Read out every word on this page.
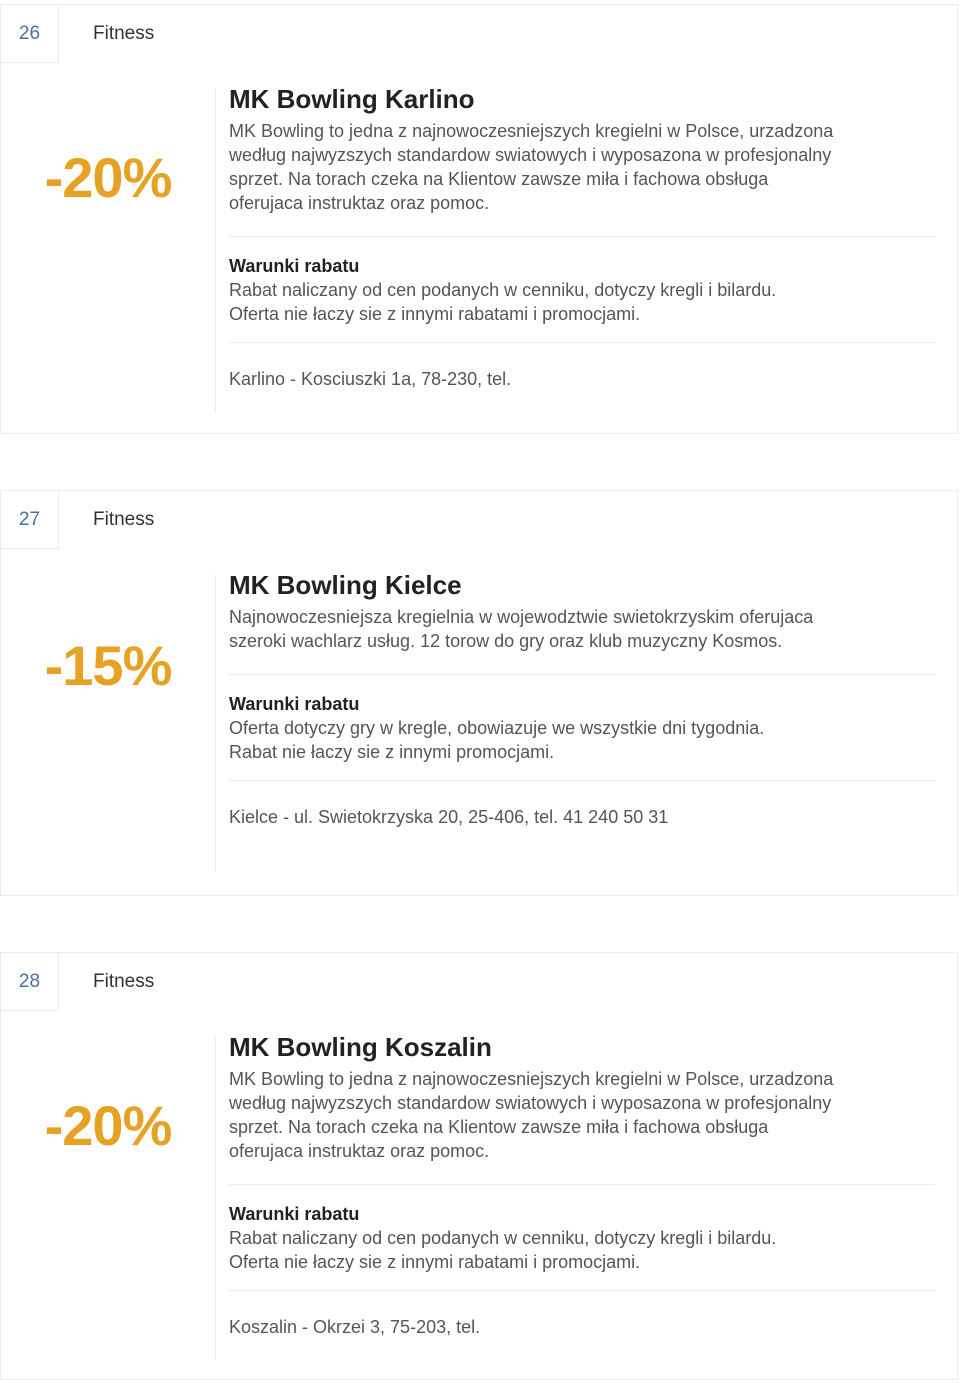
26	Fitness
-20%
MK Bowling Karlino

MK Bowling to jedna z najnowoczesniejszych kregielni w Polsce, urzadzona według najwyzszych standardow swiatowych i wyposazona w profesjonalny sprzet. Na torach czeka na Klientow zawsze miła i fachowa obsługa oferujaca instruktaz oraz pomoc.

Warunki rabatu

Rabat naliczany od cen podanych w cenniku, dotyczy kregli i bilardu. Oferta nie łaczy sie z innymi rabatami i promocjami.

Karlino - Kosciuszki 1a, 78-230, tel.

27	Fitness
-15%
MK Bowling Kielce

Najnowoczesniejsza kregielnia w wojewodztwie swietokrzyskim oferujaca szeroki wachlarz usług. 12 torow do gry oraz klub muzyczny Kosmos.

Warunki rabatu

Oferta dotyczy gry w kregle, obowiazuje we wszystkie dni tygodnia. Rabat nie łaczy sie z innymi promocjami.

Kielce - ul. Swietokrzyska 20, 25-406, tel. 41 240 50 31

28	Fitness
-20%
MK Bowling Koszalin

MK Bowling to jedna z najnowoczesniejszych kregielni w Polsce, urzadzona według najwyzszych standardow swiatowych i wyposazona w profesjonalny sprzet. Na torach czeka na Klientow zawsze miła i fachowa obsługa oferujaca instruktaz oraz pomoc.

Warunki rabatu

Rabat naliczany od cen podanych w cenniku, dotyczy kregli i bilardu. Oferta nie łaczy sie z innymi rabatami i promocjami.

Koszalin - Okrzei 3, 75-203, tel.
